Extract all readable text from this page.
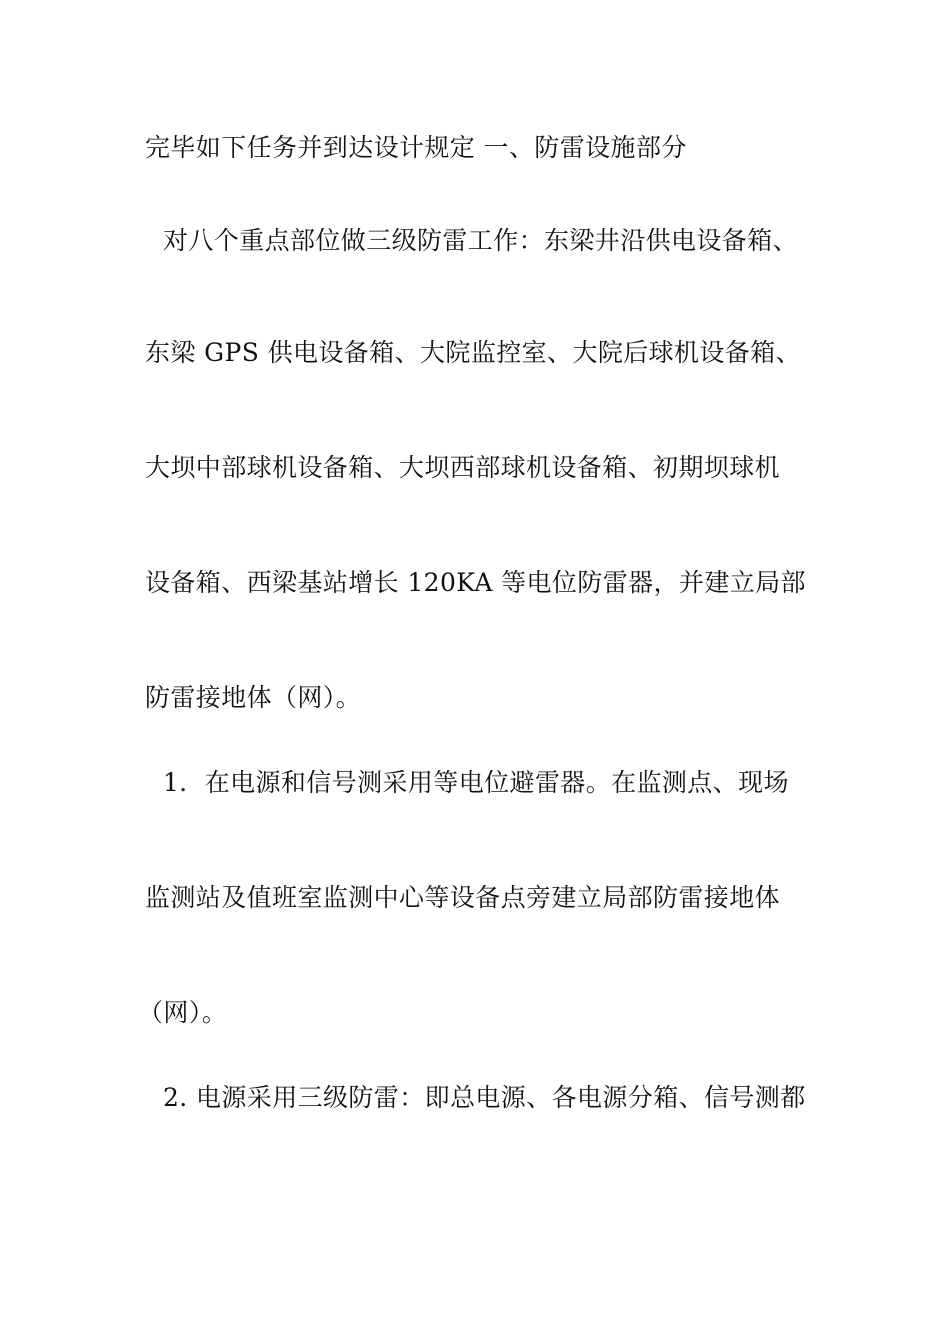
完毕如下任务并到达设计规定 一、防雷设施部分
对八个重点部位做三级防雷工作：东梁井沿供电设备箱、
东梁 GPS 供电设备箱、大院监控室、大院后球机设备箱、
大坝中部球机设备箱、大坝西部球机设备箱、初期坝球机
设备箱、西梁基站增长 120KA 等电位防雷器，并建立局部
防雷接地体（网）。
1．在电源和信号测采用等电位避雷器。在监测点、现场
监测站及值班室监测中心等设备点旁建立局部防雷接地体
（网）。
2. 电源采用三级防雷：即总电源、各电源分箱、信号测都
